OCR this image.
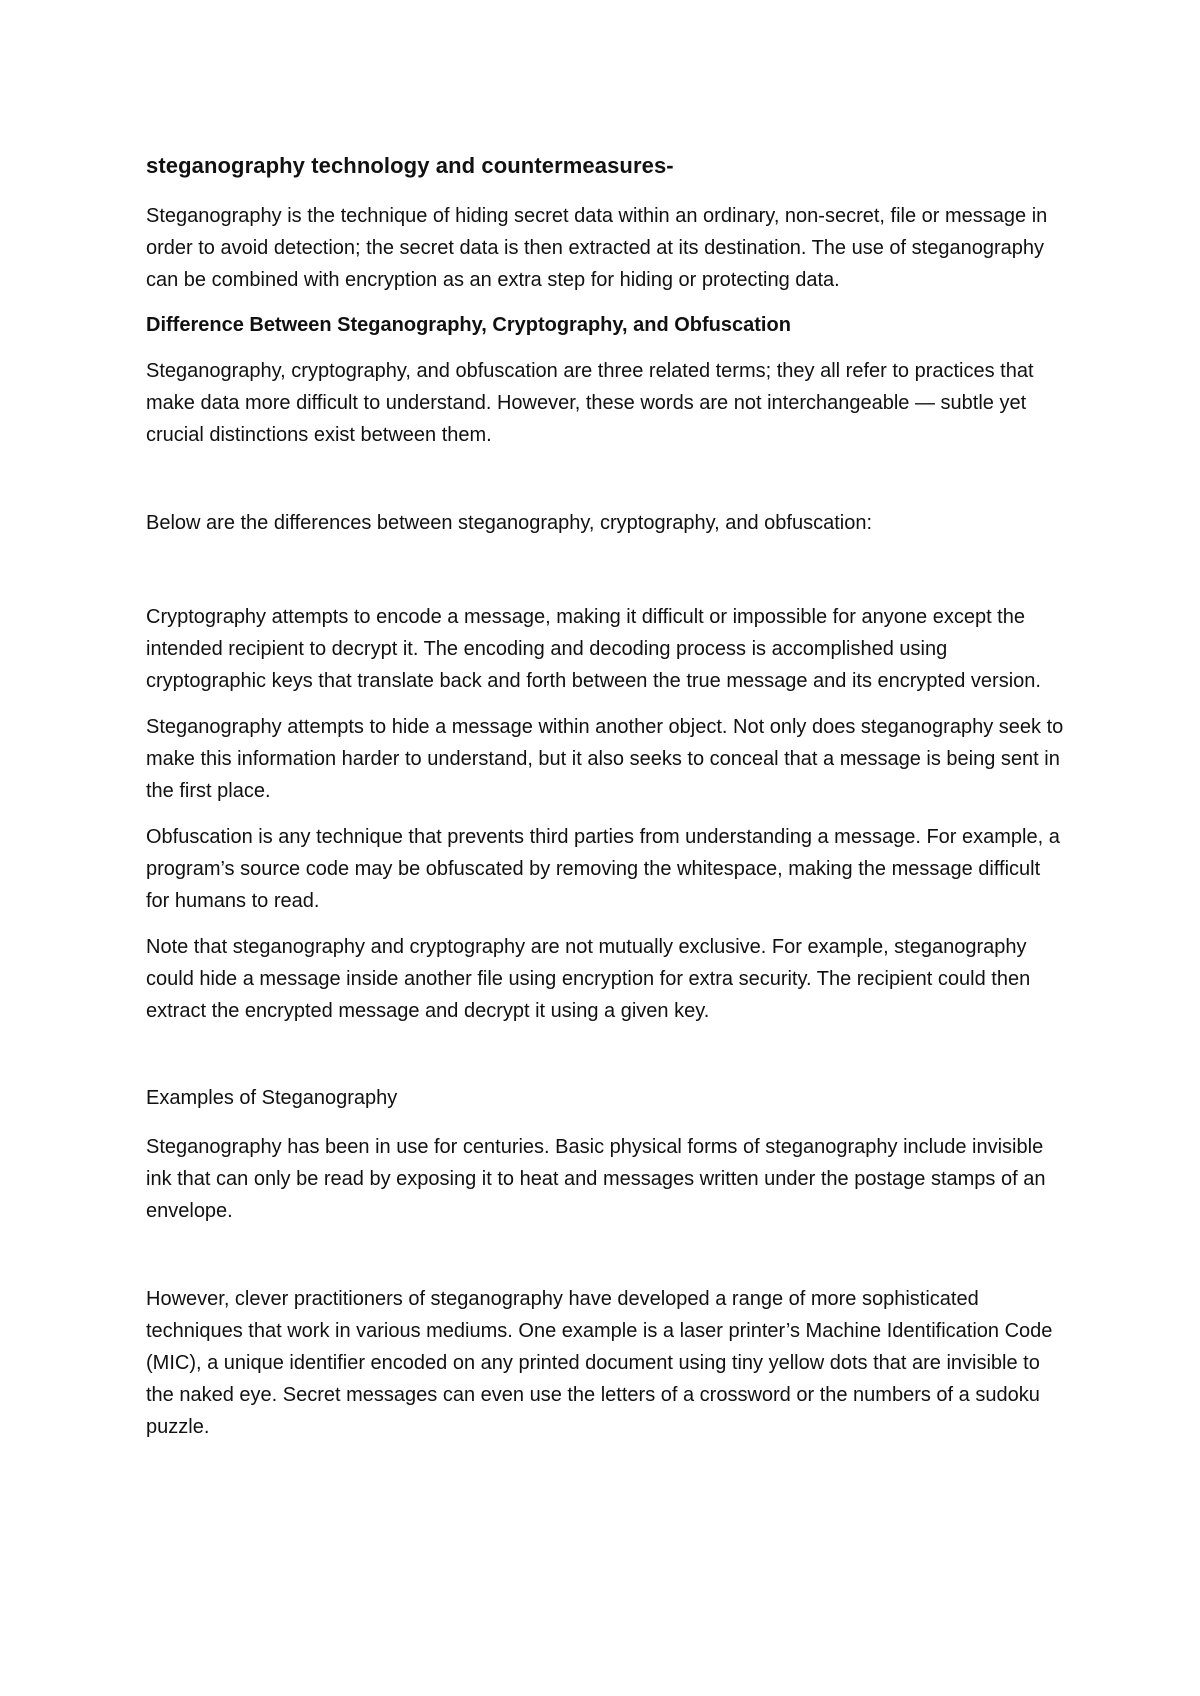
steganography technology and countermeasures-

Steganography is the technique of hiding secret data within an ordinary, non-secret, file or message in order to avoid detection; the secret data is then extracted at its destination. The use of steganography can be combined with encryption as an extra step for hiding or protecting data.

Difference Between Steganography, Cryptography, and Obfuscation

Steganography, cryptography, and obfuscation are three related terms; they all refer to practices that make data more difficult to understand. However, these words are not interchangeable — subtle yet crucial distinctions exist between them.

Below are the differences between steganography, cryptography, and obfuscation:

Cryptography attempts to encode a message, making it difficult or impossible for anyone except the intended recipient to decrypt it. The encoding and decoding process is accomplished using cryptographic keys that translate back and forth between the true message and its encrypted version.

Steganography attempts to hide a message within another object. Not only does steganography seek to make this information harder to understand, but it also seeks to conceal that a message is being sent in the first place.

Obfuscation is any technique that prevents third parties from understanding a message. For example, a program’s source code may be obfuscated by removing the whitespace, making the message difficult for humans to read.

Note that steganography and cryptography are not mutually exclusive. For example, steganography could hide a message inside another file using encryption for extra security. The recipient could then extract the encrypted message and decrypt it using a given key.

Examples of Steganography

Steganography has been in use for centuries. Basic physical forms of steganography include invisible ink that can only be read by exposing it to heat and messages written under the postage stamps of an envelope.

However, clever practitioners of steganography have developed a range of more sophisticated techniques that work in various mediums. One example is a laser printer’s Machine Identification Code (MIC), a unique identifier encoded on any printed document using tiny yellow dots that are invisible to the naked eye. Secret messages can even use the letters of a crossword or the numbers of a sudoku puzzle.
